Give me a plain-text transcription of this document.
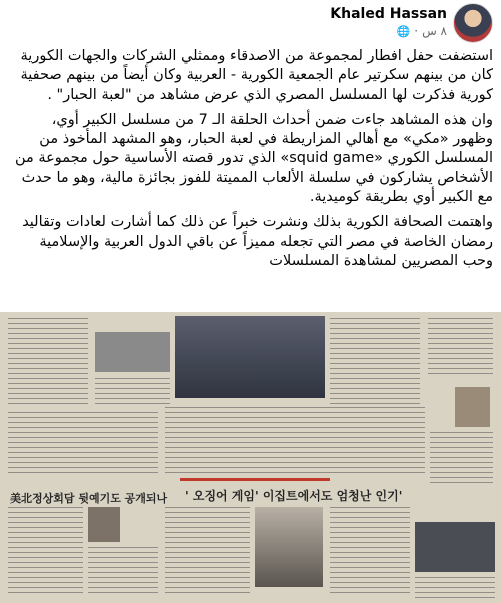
Khaled Hassan
٨ س
·
🌐

استضفت حفل افطار لمجموعة من الاصدقاء وممثلي الشركات والجهات الكورية كان من بينهم سكرتير عام الجمعية الكورية - العربية وكان أيضاً من بينهم صحفية كورية فذكرت لها المسلسل المصري الذي عرض مشاهد من "لعبة الحبار" .

وان هذه المشاهد جاءت ضمن أحداث الحلقة الـ 7 من مسلسل الكبير أوي، وظهور «مكي» مع أهالي المزاريطة في لعبة الحبار، وهو المشهد المأخوذ من المسلسل الكوري «squid game» الذي تدور قصته الأساسية حول مجموعة من الأشخاص يشاركون في سلسلة الألعاب المميتة للفوز بجائزة مالية، وهو ما حدث مع الكبير أوي بطريقة كوميدية.

واهتمت الصحافة الكورية بذلك ونشرت خبراً عن ذلك كما أشارت لعادات وتقاليد رمضان الخاصة في مصر التي تجعله مميزاً عن باقي الدول العربية والإسلامية وحب المصريين لمشاهدة المسلسلات

' 오징어 게임' 이집트에서도 엄청난 인기'
美北정상회담 뒷예기도 공개되나
